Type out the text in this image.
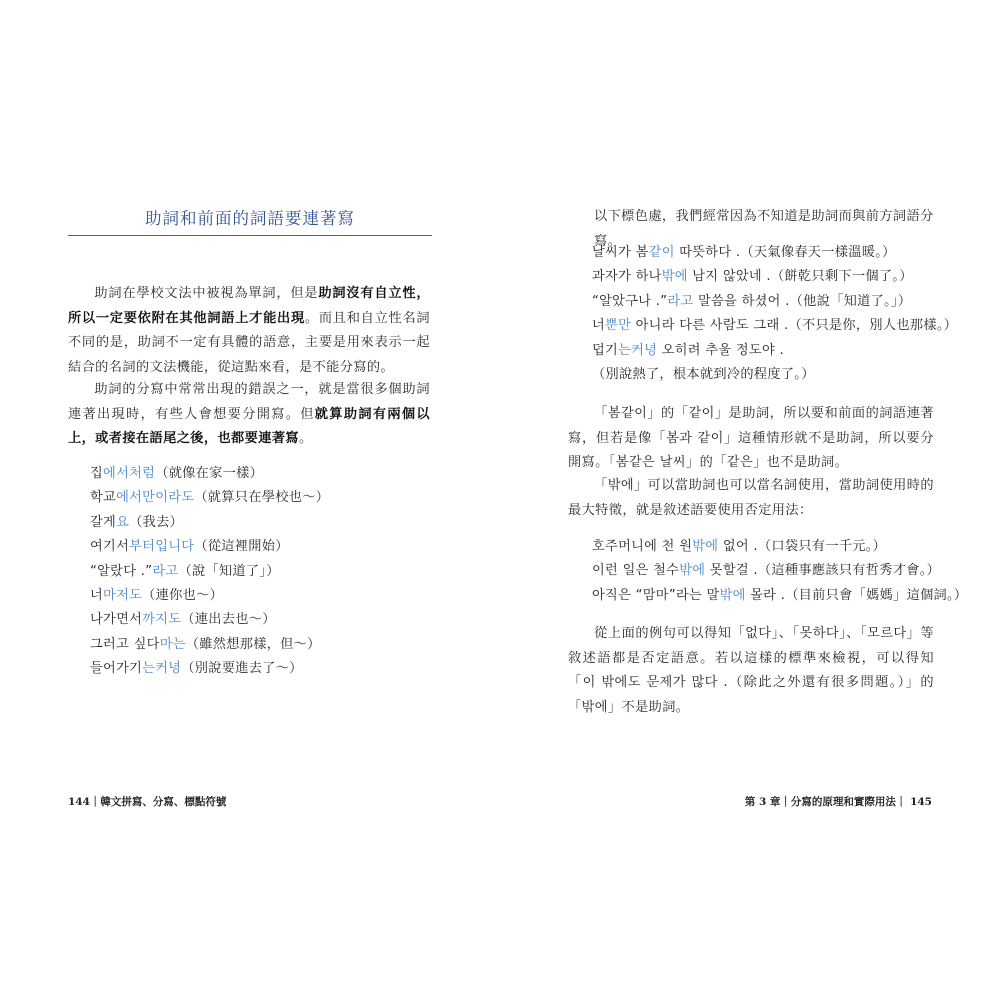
助詞和前面的詞語要連著寫

助詞在學校文法中被視為單詞，但是助詞沒有自立性，所以一定要依附在其他詞語上才能出現。而且和自立性名詞不同的是，助詞不一定有具體的語意，主要是用來表示一起結合的名詞的文法機能，從這點來看，是不能分寫的。

助詞的分寫中常常出現的錯誤之一，就是當很多個助詞連著出現時，有些人會想要分開寫。但就算助詞有兩個以上，或者接在語尾之後，也都要連著寫。

집에서처럼（就像在家一樣）
학교에서만이라도（就算只在學校也～）
갈게요（我去）
여기서부터입니다（從這裡開始）
“알랐다 .”라고（說「知道了」）
너마저도（連你也～）
나가면서까지도（連出去也～）
그러고 싶다마는（雖然想那樣，但～）
들어가기는커녕（別說要進去了～）
144｜韓文拼寫、分寫、標點符號

以下標色處，我們經常因為不知道是助詞而與前方詞語分寫。

날씨가 봄같이 따뜻하다 .（天氣像春天一樣溫暖。）
과자가 하나밖에 남지 않았네 .（餅乾只剩下一個了。）
“알았구나 .”라고 말씀을 하셨어 .（他說「知道了。」）
너뿐만 아니라 다른 사람도 그래 .（不只是你，別人也那樣。）
덥기는커녕 오히려 추울 정도야 .
（別說熱了，根本就到冷的程度了。）

「봄같이」的「같이」是助詞，所以要和前面的詞語連著寫，但若是像「봄과 같이」這種情形就不是助詞，所以要分開寫。「봄같은 날씨」的「같은」也不是助詞。

「밖에」可以當助詞也可以當名詞使用，當助詞使用時的最大特徵，就是敘述語要使用否定用法：

호주머니에 천 원밖에 없어 .（口袋只有一千元。）
이런 일은 철수밖에 못할걸 .（這種事應該只有哲秀才會。）
아직은 “맘마”라는 말밖에 몰라 .（目前只會「媽媽」這個詞。）

從上面的例句可以得知「없다」、「못하다」、「모르다」等敘述語都是否定語意。若以這樣的標準來檢視，可以得知「이 밖에도 문제가 많다 .（除此之外還有很多問題。）」的「밖에」不是助詞。

第 3 章｜分寫的原理和實際用法｜ 145
